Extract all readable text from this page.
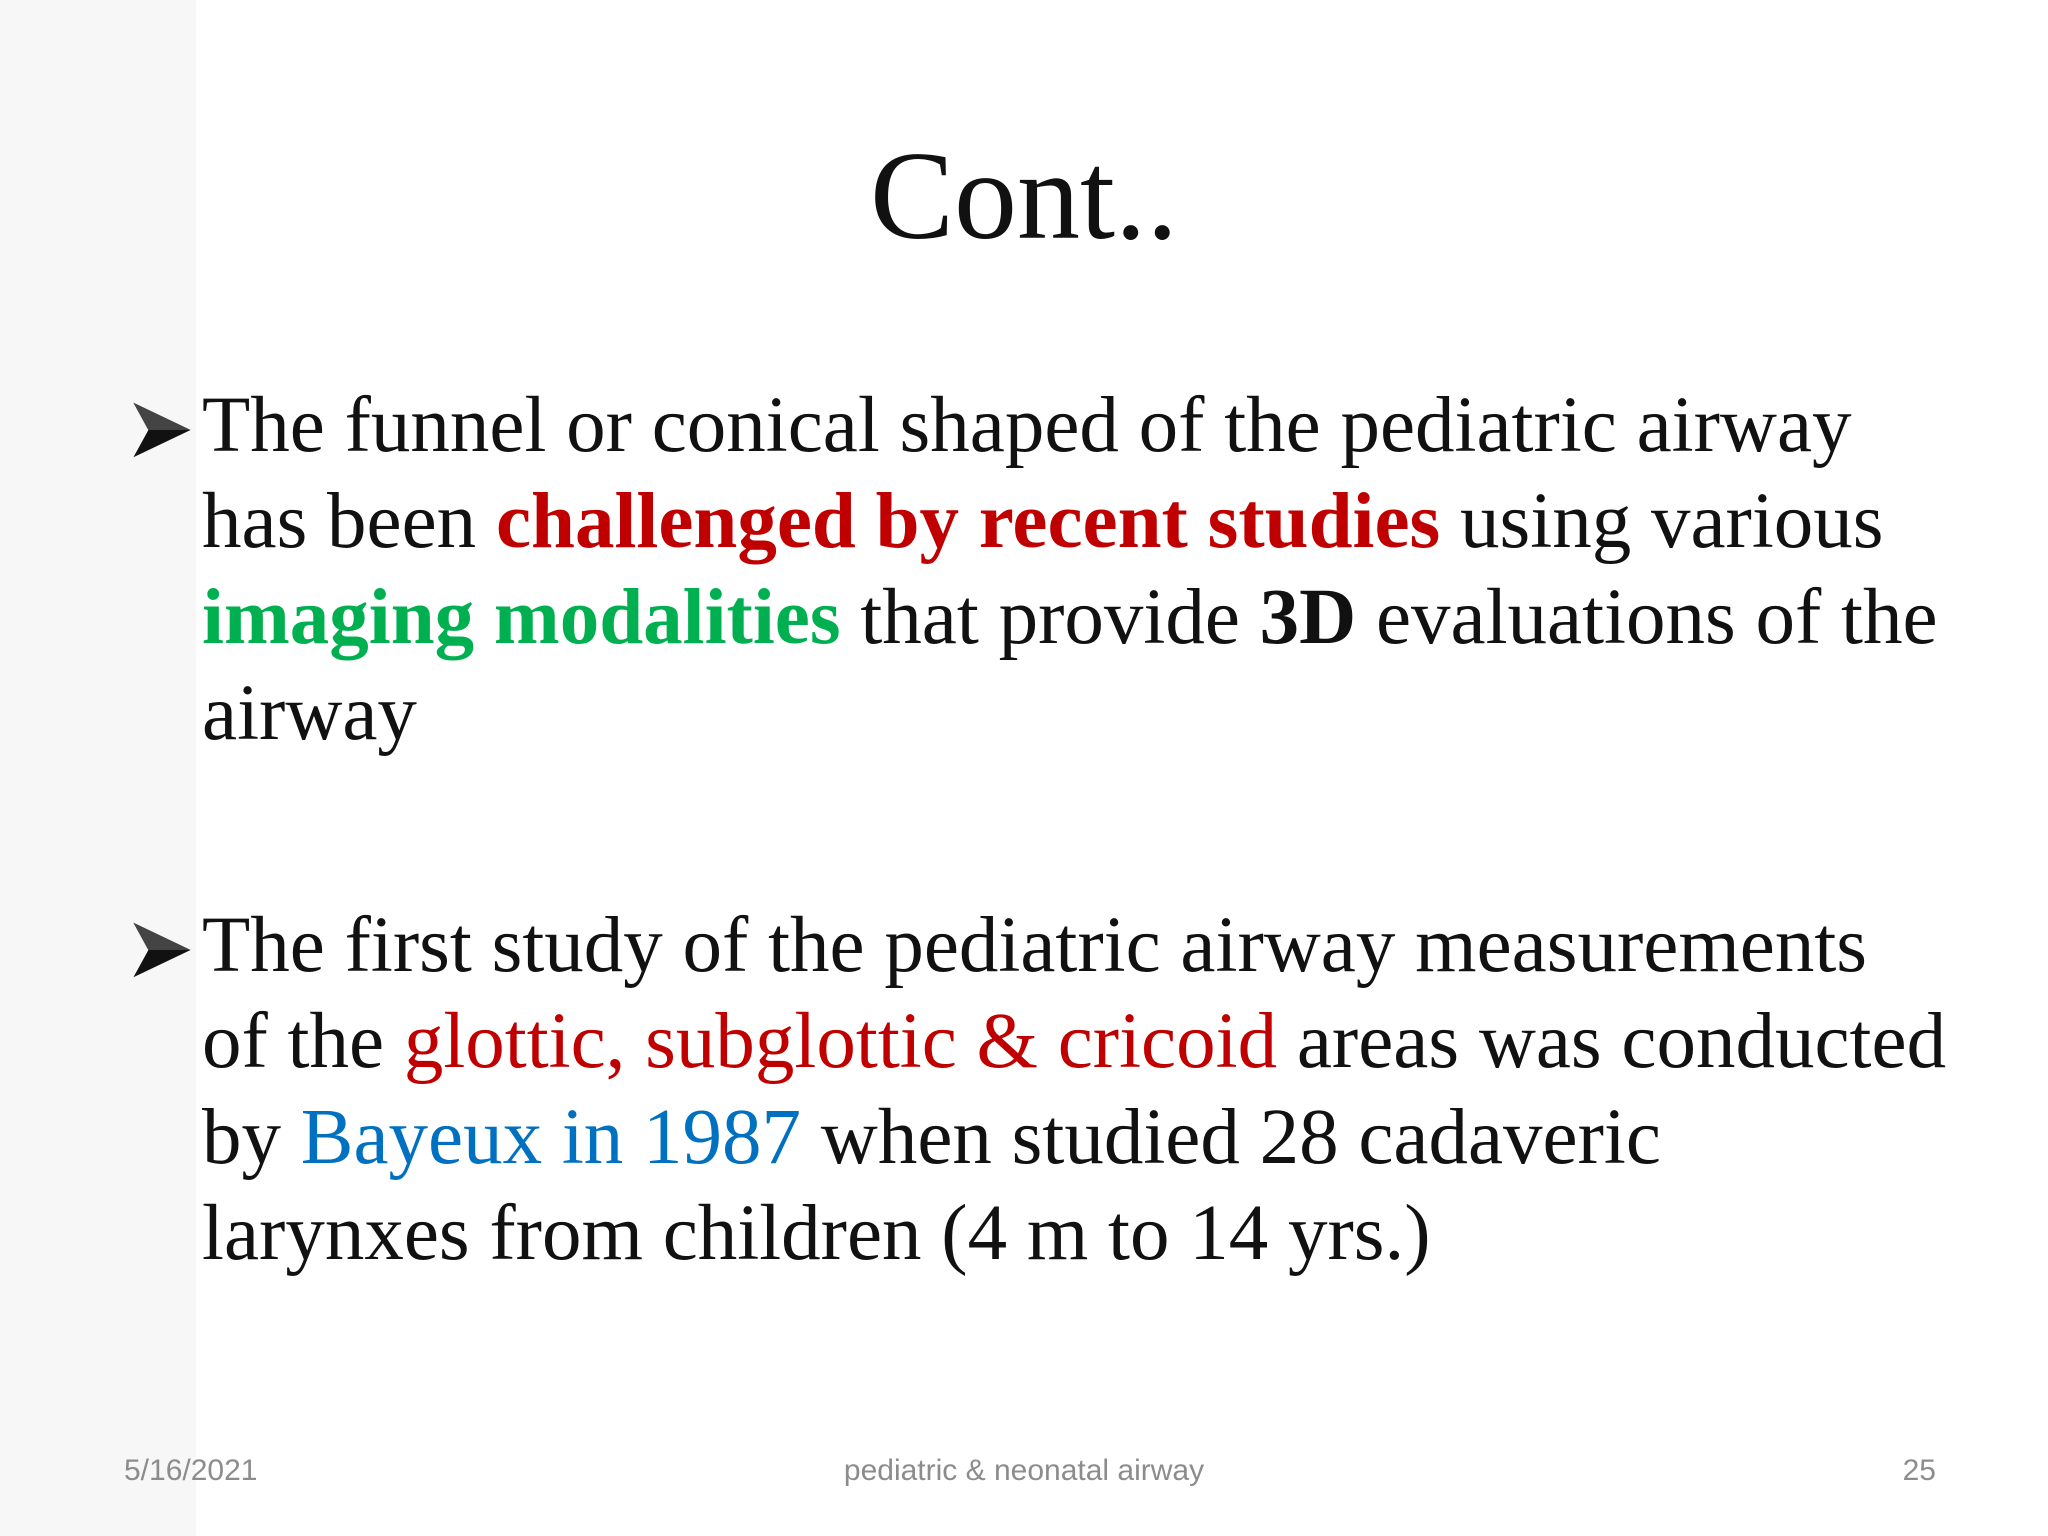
Cont..
The funnel or conical shaped of the pediatric airway has been challenged by recent studies using various imaging modalities that provide 3D evaluations of the airway
The first study of the pediatric airway measurements of the glottic, subglottic & cricoid areas was conducted by Bayeux in 1987 when studied 28 cadaveric larynxes from children (4 m to 14 yrs.)
5/16/2021	pediatric & neonatal airway	25
